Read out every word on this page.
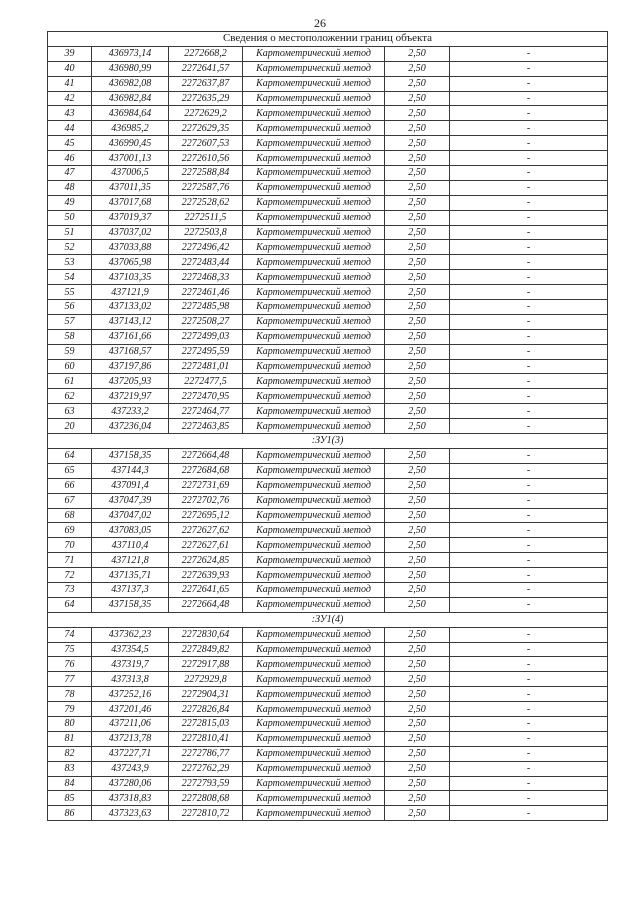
26
Сведения о местоположении границ объекта					
39	436973,14	2272668,2	Картометрический метод	2,50	-
40	436980,99	2272641,57	Картометрический метод	2,50	-
41	436982,08	2272637,87	Картометрический метод	2,50	-
42	436982,84	2272635,29	Картометрический метод	2,50	-
43	436984,64	2272629,2	Картометрический метод	2,50	-
44	436985,2	2272629,35	Картометрический метод	2,50	-
45	436990,45	2272607,53	Картометрический метод	2,50	-
46	437001,13	2272610,56	Картометрический метод	2,50	-
47	437006,5	2272588,84	Картометрический метод	2,50	-
48	437011,35	2272587,76	Картометрический метод	2,50	-
49	437017,68	2272528,62	Картометрический метод	2,50	-
50	437019,37	2272511,5	Картометрический метод	2,50	-
51	437037,02	2272503,8	Картометрический метод	2,50	-
52	437033,88	2272496,42	Картометрический метод	2,50	-
53	437065,98	2272483,44	Картометрический метод	2,50	-
54	437103,35	2272468,33	Картометрический метод	2,50	-
55	437121,9	2272461,46	Картометрический метод	2,50	-
56	437133,02	2272485,98	Картометрический метод	2,50	-
57	437143,12	2272508,27	Картометрический метод	2,50	-
58	437161,66	2272499,03	Картометрический метод	2,50	-
59	437168,57	2272495,59	Картометрический метод	2,50	-
60	437197,86	2272481,01	Картометрический метод	2,50	-
61	437205,93	2272477,5	Картометрический метод	2,50	-
62	437219,97	2272470,95	Картометрический метод	2,50	-
63	437233,2	2272464,77	Картометрический метод	2,50	-
20	437236,04	2272463,85	Картометрический метод	2,50	-
:ЗУ1(3)					
64	437158,35	2272664,48	Картометрический метод	2,50	-
65	437144,3	2272684,68	Картометрический метод	2,50	-
66	437091,4	2272731,69	Картометрический метод	2,50	-
67	437047,39	2272702,76	Картометрический метод	2,50	-
68	437047,02	2272695,12	Картометрический метод	2,50	-
69	437083,05	2272627,62	Картометрический метод	2,50	-
70	437110,4	2272627,61	Картометрический метод	2,50	-
71	437121,8	2272624,85	Картометрический метод	2,50	-
72	437135,71	2272639,93	Картометрический метод	2,50	-
73	437137,3	2272641,65	Картометрический метод	2,50	-
64	437158,35	2272664,48	Картометрический метод	2,50	-
:ЗУ1(4)					
74	437362,23	2272830,64	Картометрический метод	2,50	-
75	437354,5	2272849,82	Картометрический метод	2,50	-
76	437319,7	2272917,88	Картометрический метод	2,50	-
77	437313,8	2272929,8	Картометрический метод	2,50	-
78	437252,16	2272904,31	Картометрический метод	2,50	-
79	437201,46	2272826,84	Картометрический метод	2,50	-
80	437211,06	2272815,03	Картометрический метод	2,50	-
81	437213,78	2272810,41	Картометрический метод	2,50	-
82	437227,71	2272786,77	Картометрический метод	2,50	-
83	437243,9	2272762,29	Картометрический метод	2,50	-
84	437280,06	2272793,59	Картометрический метод	2,50	-
85	437318,83	2272808,68	Картометрический метод	2,50	-
86	437323,63	2272810,72	Картометрический метод	2,50	-
